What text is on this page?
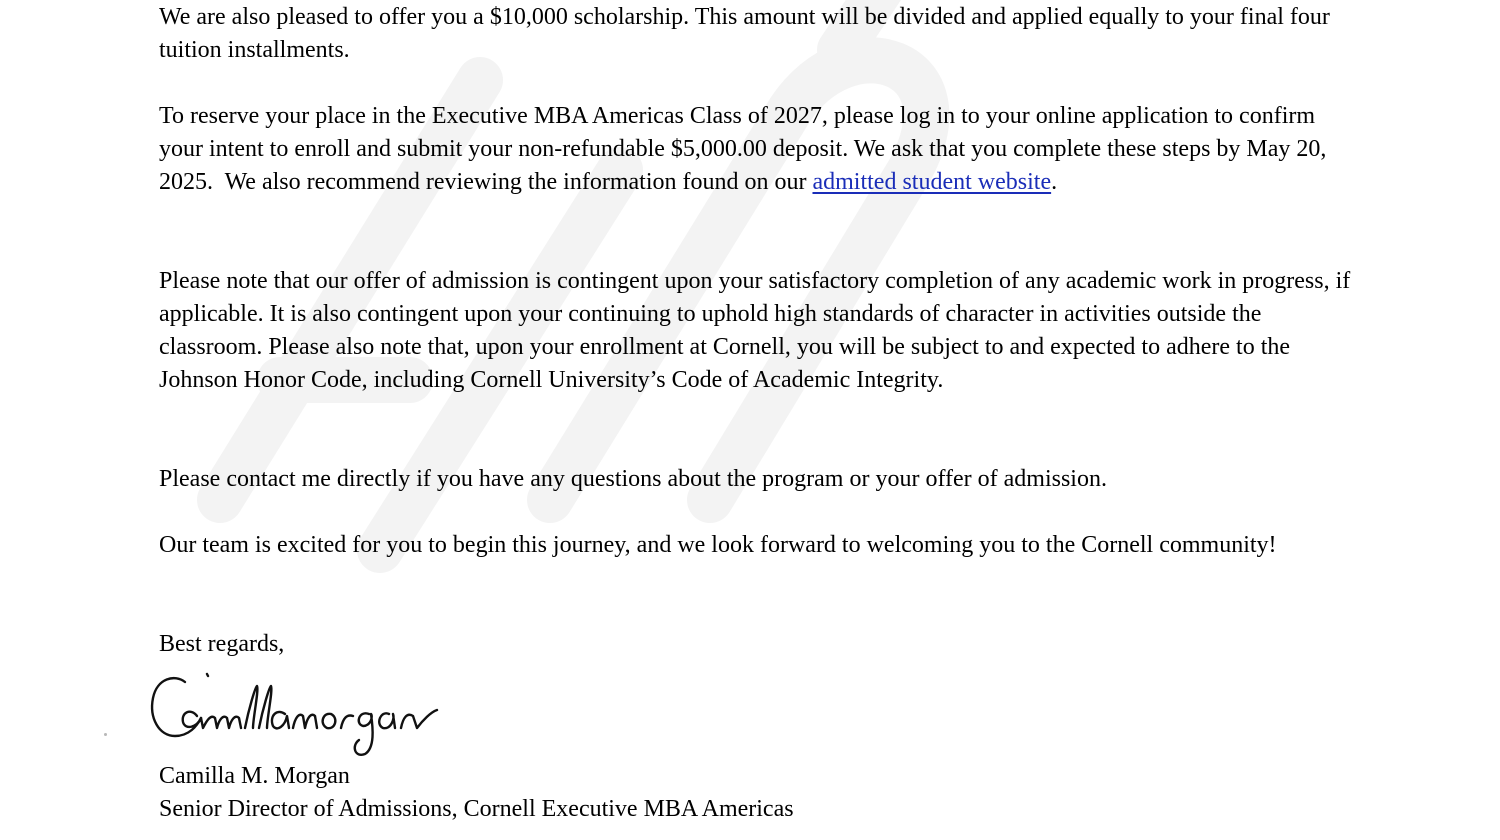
We are also pleased to offer you a $10,000 scholarship. This amount will be divided and applied equally to your final four tuition installments.

To reserve your place in the Executive MBA Americas Class of 2027, please log in to your online application to confirm your intent to enroll and submit your non-refundable $5,000.00 deposit. We ask that you complete these steps by May 20, 2025.  We also recommend reviewing the information found on our admitted student website.

Please note that our offer of admission is contingent upon your satisfactory completion of any academic work in progress, if applicable. It is also contingent upon your continuing to uphold high standards of character in activities outside the classroom. Please also note that, upon your enrollment at Cornell, you will be subject to and expected to adhere to the Johnson Honor Code, including Cornell University’s Code of Academic Integrity.

Please contact me directly if you have any questions about the program or your offer of admission.

Our team is excited for you to begin this journey, and we look forward to welcoming you to the Cornell community!

Best regards,
Camilla M. Morgan
Senior Director of Admissions, Cornell Executive MBA Americas
